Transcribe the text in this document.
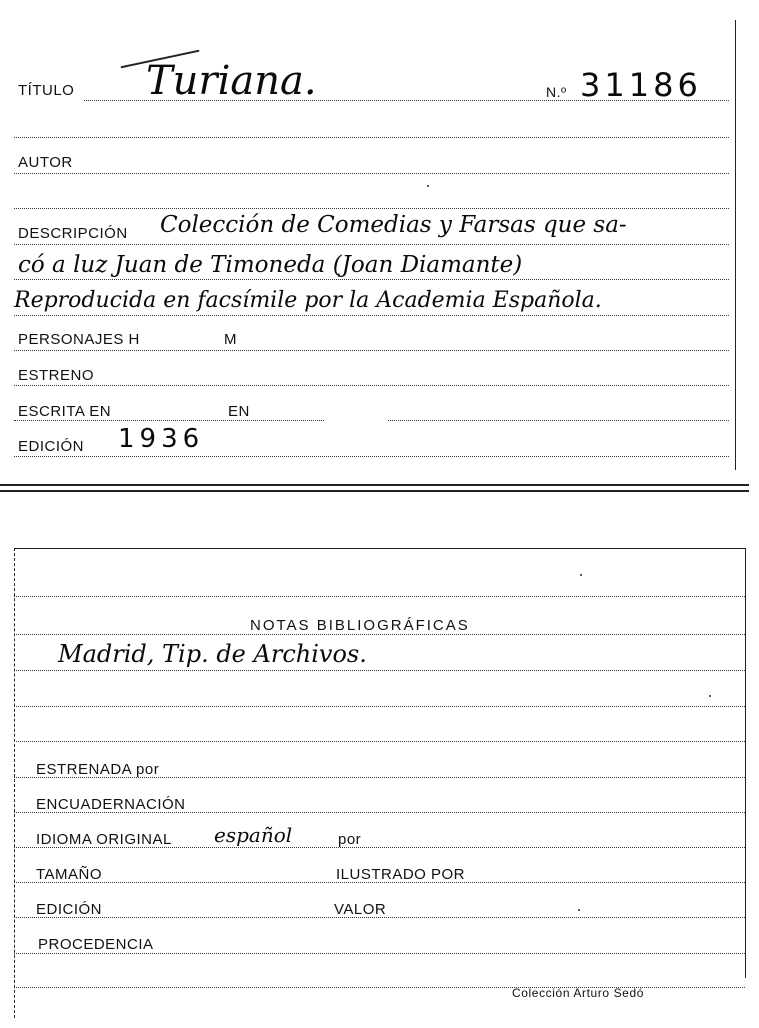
TÍTULO Turiana.	N.º 31186
AUTOR
DESCRIPCIÓN Colección de Comedias y Farsas que sa-
có a luz Juan de Timoneda (Joan Diamante)
Reproducida en facsímile por la Academia Española.
PERSONAJES H	M
ESTRENO
ESCRITA EN	EN
EDICIÓN 1936
NOTAS BIBLIOGRÁFICAS
Madrid, Tip. de Archivos.
ESTRENADA por
ENCUADERNACIÓN
IDIOMA ORIGINAL español	por
TAMAÑO	ILUSTRADO POR
EDICIÓN	VALOR
PROCEDENCIA
Colección Arturo Sedó
